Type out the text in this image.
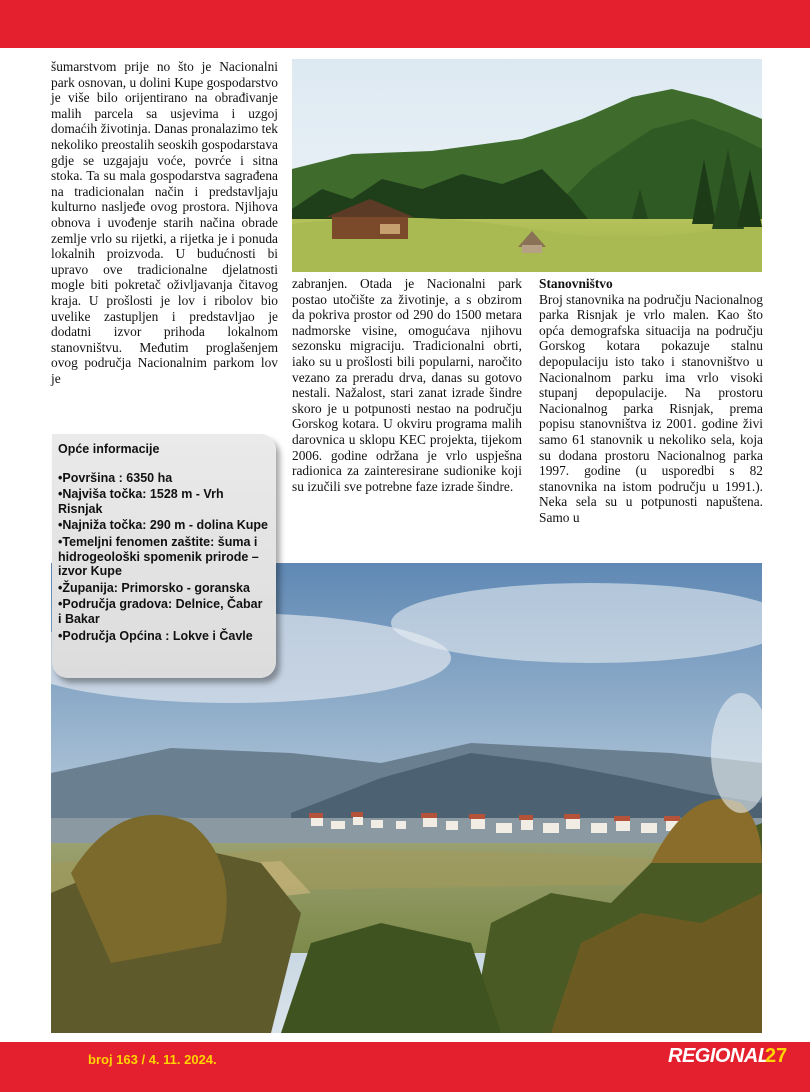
šumarstvom prije no što je Nacionalni park osnovan, u dolini Kupe gospodarstvo je više bilo orijentirano na obrađivanje malih parcela sa usjevima i uzgoj domaćih životinja. Danas pronalazimo tek nekoliko preostalih seoskih gospodarstava gdje se uzgajaju voće, povrće i sitna stoka. Ta su mala gospodarstva sagrađena na tradicionalan način i predstavljaju kulturno nasljeđe ovog prostora. Njihova obnova i uvođenje starih načina obrade zemlje vrlo su rijetki, a rijetka je i ponuda lokalnih proizvoda. U budućnosti bi upravo ove tradicionalne djelatnosti mogle biti pokretač oživljavanja čitavog kraja. U prošlosti je lov i ribolov bio uvelike zastupljen i predstavljao je dodatni izvor prihoda lokalnom stanovništvu. Međutim proglašenjem ovog područja Nacionalnim parkom lov je

zabranjen. Otada je Nacionalni park postao utočište za životinje, a s obzirom da pokriva prostor od 290 do 1500 metara nadmorske visine, omogućava njihovu sezonsku migraciju. Tradicionalni obrti, iako su u prošlosti bili popularni, naročito vezano za preradu drva, danas su gotovo nestali. Nažalost, stari zanat izrade šindre skoro je u potpunosti nestao na području Gorskog kotara. U okviru programa malih darovnica u sklopu KEC projekta, tijekom 2006. godine održana je vrlo uspješna radionica za zainteresirane sudionike koji su izučili sve potrebne faze izrade šindre.

Stanovništvo

Broj stanovnika na području Nacionalnog parka Risnjak je vrlo malen. Kao što opća demografska situacija na području Gorskog kotara pokazuje stalnu depopulaciju isto tako i stanovništvo u Nacionalnom parku ima vrlo visoki stupanj depopulacije. Na prostoru Nacionalnog parka Risnjak, prema popisu stanovništva iz 2001. godine živi samo 61 stanovnik u nekoliko sela, koja su dodana prostoru Nacionalnog parka 1997. godine (u usporedbi s 82 stanovnika na istom području u 1991.). Neka sela su u potpunosti napuštena. Samo u

Opće informacije

• Površina : 6350 ha
• Najviša točka: 1528 m - Vrh Risnjak
• Najniža točka: 290 m - dolina Kupe
• Temeljni fenomen zaštite: šuma i hidrogeološki spomenik prirode – izvor Kupe
• Županija: Primorsko - goranska
• Područja gradova: Delnice, Čabar i Bakar
• Područja Općina : Lokve i Čavle
broj 163 / 4. 11. 2024.	REGIONAL
27
